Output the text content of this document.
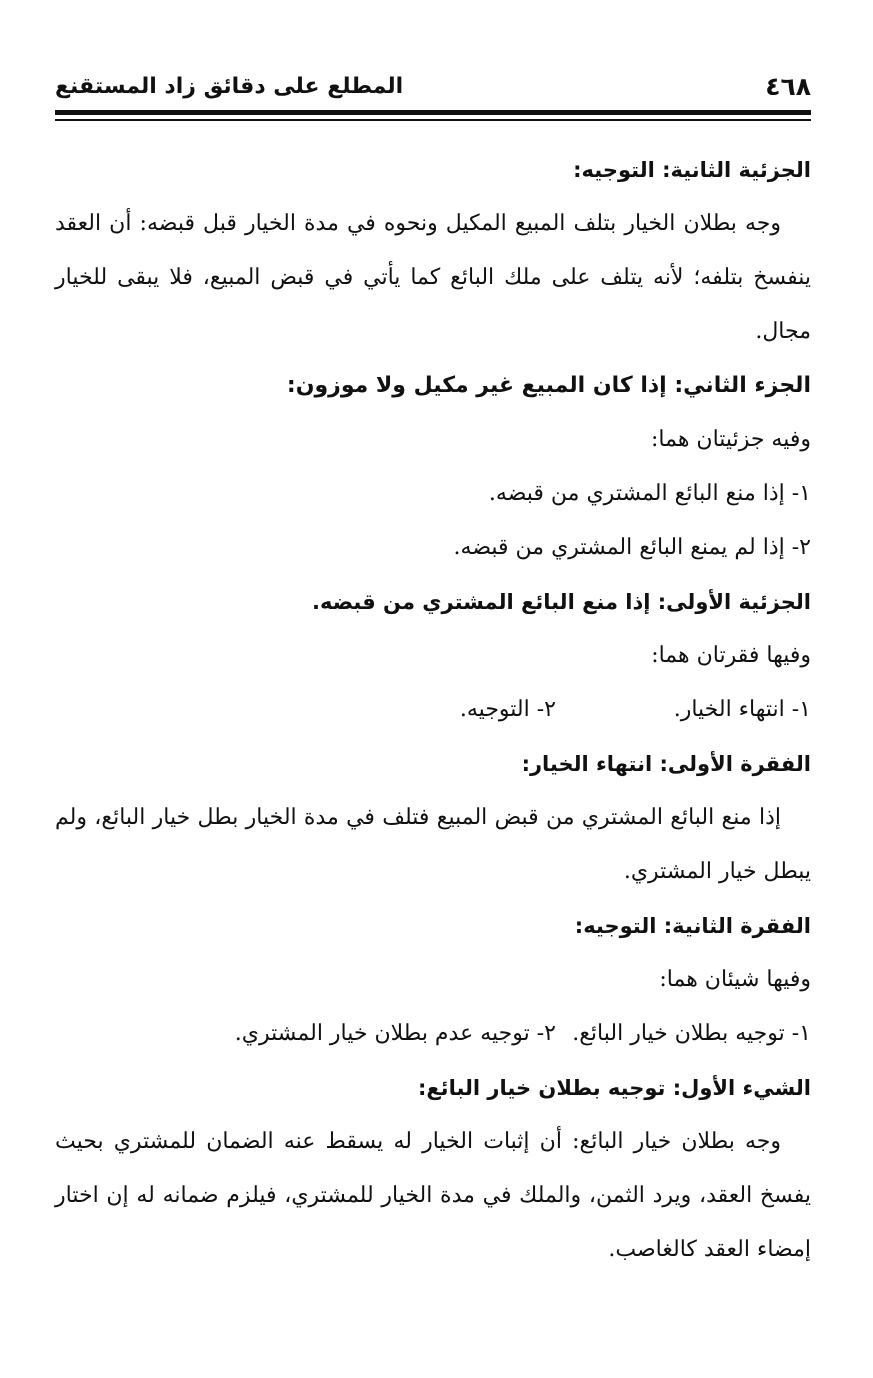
٤٦٨
المطلع على دقائق زاد المستقنع

الجزئية الثانية: التوجيه:

وجه بطلان الخيار بتلف المبيع المكيل ونحوه في مدة الخيار قبل قبضه: أن العقد ينفسخ بتلفه؛ لأنه يتلف على ملك البائع كما يأتي في قبض المبيع، فلا يبقى للخيار مجال.

الجزء الثاني: إذا كان المبيع غير مكيل ولا موزون:

وفيه جزئيتان هما:

١- إذا منع البائع المشتري من قبضه.

٢- إذا لم يمنع البائع المشتري من قبضه.

الجزئية الأولى: إذا منع البائع المشتري من قبضه.

وفيها فقرتان هما:

١- انتهاء الخيار.
٢- التوجيه.

الفقرة الأولى: انتهاء الخيار:

إذا منع البائع المشتري من قبض المبيع فتلف في مدة الخيار بطل خيار البائع، ولم يبطل خيار المشتري.

الفقرة الثانية: التوجيه:

وفيها شيئان هما:

١- توجيه بطلان خيار البائع.
٢- توجيه عدم بطلان خيار المشتري.

الشيء الأول: توجيه بطلان خيار البائع:

وجه بطلان خيار البائع: أن إثبات الخيار له يسقط عنه الضمان للمشتري بحيث يفسخ العقد، ويرد الثمن، والملك في مدة الخيار للمشتري، فيلزم ضمانه له إن اختار إمضاء العقد كالغاصب.
